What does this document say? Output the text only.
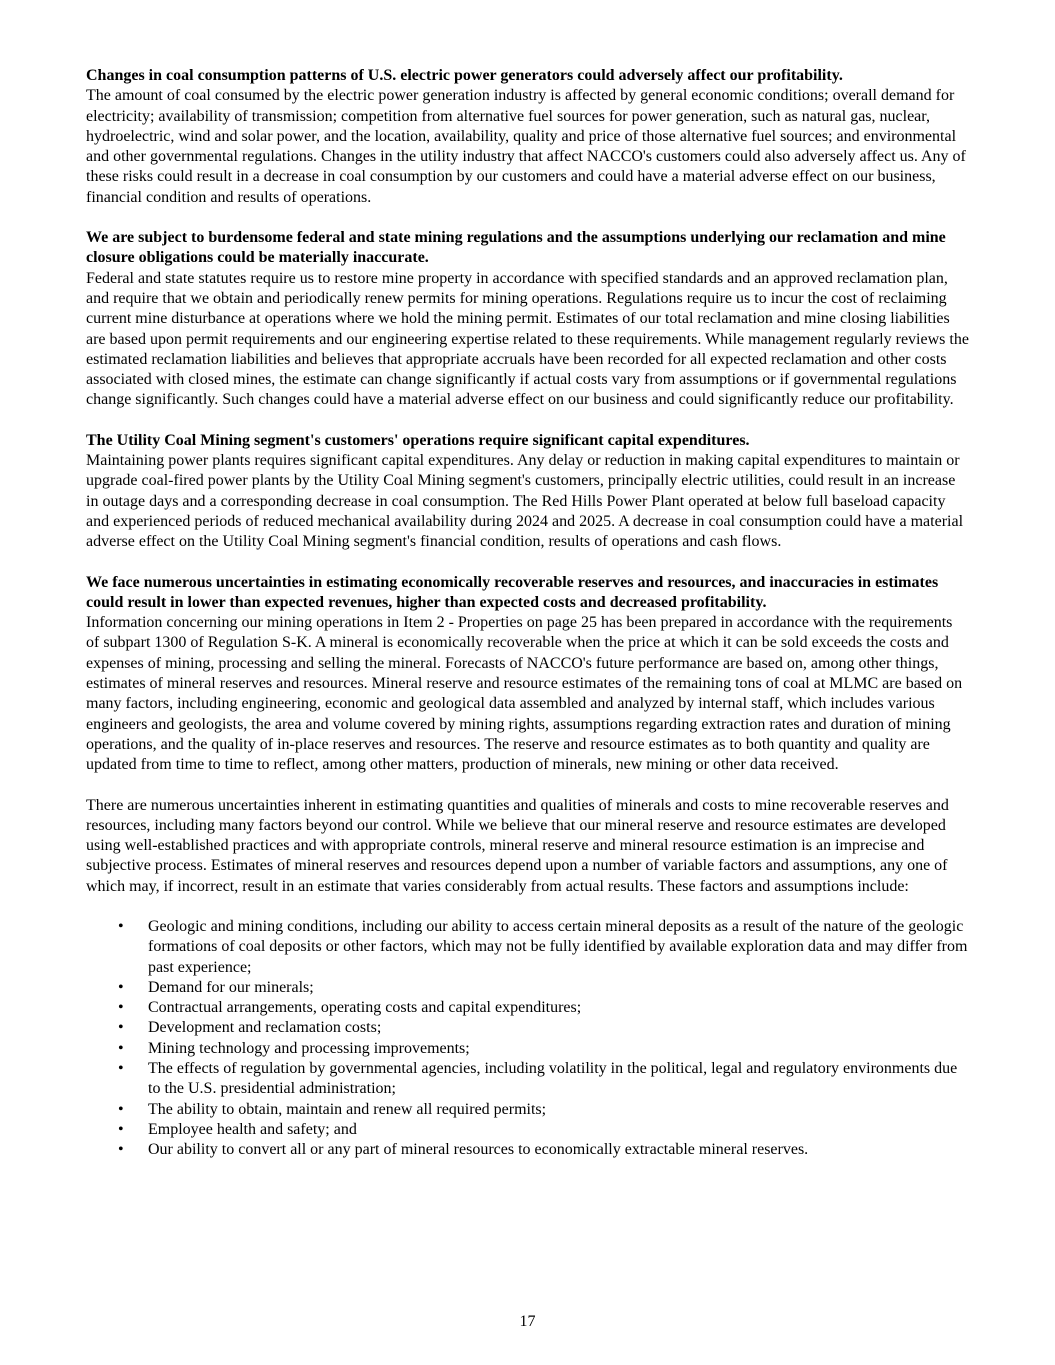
Changes in coal consumption patterns of U.S. electric power generators could adversely affect our profitability.
The amount of coal consumed by the electric power generation industry is affected by general economic conditions; overall demand for electricity; availability of transmission; competition from alternative fuel sources for power generation, such as natural gas, nuclear, hydroelectric, wind and solar power, and the location, availability, quality and price of those alternative fuel sources; and environmental and other governmental regulations. Changes in the utility industry that affect NACCO's customers could also adversely affect us. Any of these risks could result in a decrease in coal consumption by our customers and could have a material adverse effect on our business, financial condition and results of operations.
We are subject to burdensome federal and state mining regulations and the assumptions underlying our reclamation and mine closure obligations could be materially inaccurate.
Federal and state statutes require us to restore mine property in accordance with specified standards and an approved reclamation plan, and require that we obtain and periodically renew permits for mining operations. Regulations require us to incur the cost of reclaiming current mine disturbance at operations where we hold the mining permit. Estimates of our total reclamation and mine closing liabilities are based upon permit requirements and our engineering expertise related to these requirements. While management regularly reviews the estimated reclamation liabilities and believes that appropriate accruals have been recorded for all expected reclamation and other costs associated with closed mines, the estimate can change significantly if actual costs vary from assumptions or if governmental regulations change significantly. Such changes could have a material adverse effect on our business and could significantly reduce our profitability.
The Utility Coal Mining segment's customers' operations require significant capital expenditures.
Maintaining power plants requires significant capital expenditures. Any delay or reduction in making capital expenditures to maintain or upgrade coal-fired power plants by the Utility Coal Mining segment's customers, principally electric utilities, could result in an increase in outage days and a corresponding decrease in coal consumption. The Red Hills Power Plant operated at below full baseload capacity and experienced periods of reduced mechanical availability during 2024 and 2025. A decrease in coal consumption could have a material adverse effect on the Utility Coal Mining segment's financial condition, results of operations and cash flows.
We face numerous uncertainties in estimating economically recoverable reserves and resources, and inaccuracies in estimates could result in lower than expected revenues, higher than expected costs and decreased profitability.
Information concerning our mining operations in Item 2 - Properties on page 25 has been prepared in accordance with the requirements of subpart 1300 of Regulation S-K. A mineral is economically recoverable when the price at which it can be sold exceeds the costs and expenses of mining, processing and selling the mineral. Forecasts of NACCO's future performance are based on, among other things, estimates of mineral reserves and resources. Mineral reserve and resource estimates of the remaining tons of coal at MLMC are based on many factors, including engineering, economic and geological data assembled and analyzed by internal staff, which includes various engineers and geologists, the area and volume covered by mining rights, assumptions regarding extraction rates and duration of mining operations, and the quality of in-place reserves and resources. The reserve and resource estimates as to both quantity and quality are updated from time to time to reflect, among other matters, production of minerals, new mining or other data received.
There are numerous uncertainties inherent in estimating quantities and qualities of minerals and costs to mine recoverable reserves and resources, including many factors beyond our control. While we believe that our mineral reserve and resource estimates are developed using well-established practices and with appropriate controls, mineral reserve and mineral resource estimation is an imprecise and subjective process. Estimates of mineral reserves and resources depend upon a number of variable factors and assumptions, any one of which may, if incorrect, result in an estimate that varies considerably from actual results. These factors and assumptions include:
• Geologic and mining conditions, including our ability to access certain mineral deposits as a result of the nature of the geologic formations of coal deposits or other factors, which may not be fully identified by available exploration data and may differ from past experience;
• Demand for our minerals;
• Contractual arrangements, operating costs and capital expenditures;
• Development and reclamation costs;
• Mining technology and processing improvements;
• The effects of regulation by governmental agencies, including volatility in the political, legal and regulatory environments due to the U.S. presidential administration;
• The ability to obtain, maintain and renew all required permits;
• Employee health and safety; and
• Our ability to convert all or any part of mineral resources to economically extractable mineral reserves.
17
